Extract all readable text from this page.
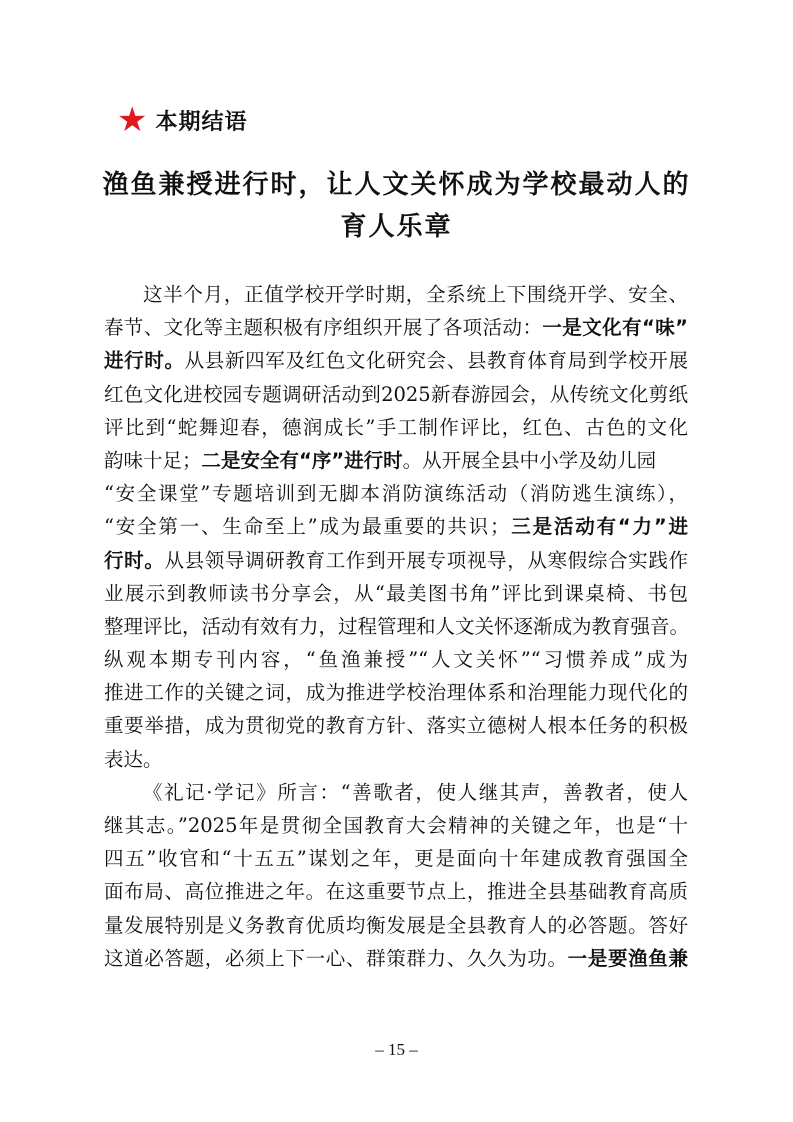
★ 本期结语
渔鱼兼授进行时，让人文关怀成为学校最动人的
育人乐章
这半个月，正值学校开学时期，全系统上下围绕开学、安全、
春节、文化等主题积极有序组织开展了各项活动：一是文化有“味”
进行时。从县新四军及红色文化研究会、县教育体育局到学校开展
红色文化进校园专题调研活动到2025新春游园会，从传统文化剪纸
评比到“蛇舞迎春，德润成长”手工制作评比，红色、古色的文化
韵味十足；二是安全有“序”进行时。从开展全县中小学及幼儿园
“安全课堂”专题培训到无脚本消防演练活动（消防逃生演练），
“安全第一、生命至上”成为最重要的共识；三是活动有“力”进
行时。从县领导调研教育工作到开展专项视导，从寒假综合实践作
业展示到教师读书分享会，从“最美图书角”评比到课桌椅、书包
整理评比，活动有效有力，过程管理和人文关怀逐渐成为教育强音。
纵观本期专刊内容，“鱼渔兼授”“人文关怀”“习惯养成”成为
推进工作的关键之词，成为推进学校治理体系和治理能力现代化的
重要举措，成为贯彻党的教育方针、落实立德树人根本任务的积极
表达。
《礼记·学记》所言：“善歌者，使人继其声，善教者，使人
继其志。”2025年是贯彻全国教育大会精神的关键之年，也是“十
四五”收官和“十五五”谋划之年，更是面向十年建成教育强国全
面布局、高位推进之年。在这重要节点上，推进全县基础教育高质
量发展特别是义务教育优质均衡发展是全县教育人的必答题。答好
这道必答题，必须上下一心、群策群力、久久为功。一是要渔鱼兼
– 15 –
